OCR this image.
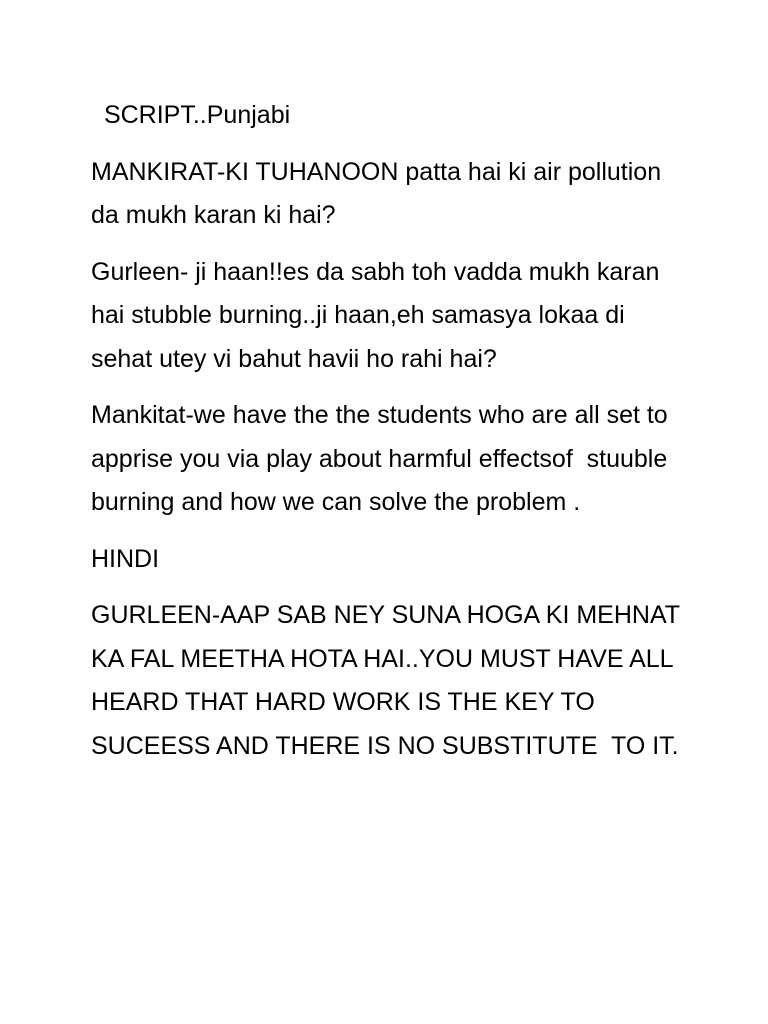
SCRIPT..Punjabi

MANKIRAT-KI TUHANOON patta hai ki air pollution da mukh karan ki hai?

Gurleen- ji haan!!es da sabh toh vadda mukh karan hai stubble burning..ji haan,eh samasya lokaa di sehat utey vi bahut havii ho rahi hai?

Mankitat-we have the the students who are all set to apprise you via play about harmful effectsof  stuuble burning and how we can solve the problem .

HINDI

GURLEEN-AAP SAB NEY SUNA HOGA KI MEHNAT KA FAL MEETHA HOTA HAI..YOU MUST HAVE ALL  HEARD THAT HARD WORK IS THE KEY TO SUCEESS AND THERE IS NO SUBSTITUTE  TO IT.
